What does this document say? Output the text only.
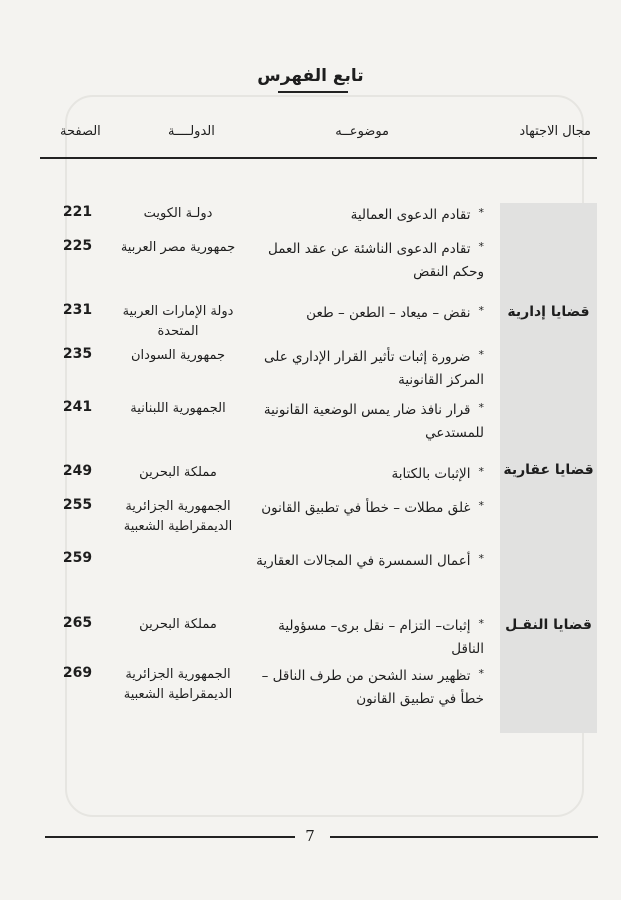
تابع الفهرس
مجال الاجتهاد
موضوعــه
الدولــــة
الصفحة
قضايا إدارية
قضايا عقارية
قضايا النقـل
*تقادم الدعوى العمالية
دولـة الكويت
221
*تقادم الدعوى الناشئة عن عقد العمل وحكم النقض
جمهورية مصر العربية
225
*نقض – ميعاد – الطعن – طعن
دولة الإمارات العربية المتحدة
231
*ضرورة إثبات تأثير القرار الإداري على المركز القانونية
جمهورية السودان
235
*قرار نافذ ضار يمس الوضعية القانونية للمستدعي
الجمهورية اللبنانية
241
*الإثبات بالكتابة
مملكة البحرين
249
*غلق مطلات – خطأ في تطبيق القانون
الجمهورية الجزائرية الديمقراطية الشعبية
255
*أعمال السمسرة في المجالات العقارية
259
*إثبات– التزام – نقل برى– مسؤولية الناقل
مملكة البحرين
265
*تظهير سند الشحن من طرف الناقل – خطأ في تطبيق القانون
الجمهورية الجزائرية الديمقراطية الشعبية
269
7
